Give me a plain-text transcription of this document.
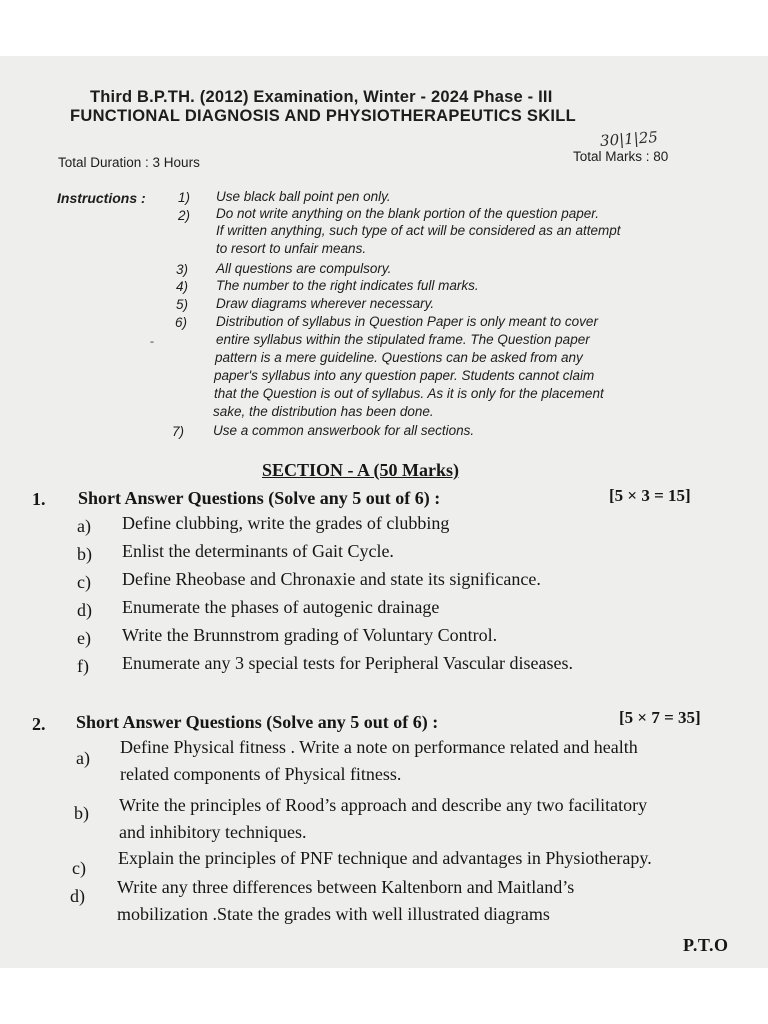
Third B.P.TH. (2012) Examination, Winter - 2024 Phase - III
FUNCTIONAL DIAGNOSIS AND PHYSIOTHERAPEUTICS SKILL
30|1|25
Total Duration : 3 Hours	Total Marks : 80
Instructions : 1) Use black ball point pen only.
2) Do not write anything on the blank portion of the question paper.
If written anything, such type of act will be considered as an attempt
to resort to unfair means.
3) All questions are compulsory.
4) The number to the right indicates full marks.
5) Draw diagrams wherever necessary.
6) Distribution of syllabus in Question Paper is only meant to cover
-	entire syllabus within the stipulated frame. The Question paper
pattern is a mere guideline. Questions can be asked from any
paper's syllabus into any question paper. Students cannot claim
that the Question is out of syllabus. As it is only for the placement
sake, the distribution has been done.
7) Use a common answerbook for all sections.
SECTION - A (50 Marks)
1. Short Answer Questions (Solve any 5 out of 6) :	[5 × 3 = 15]
a) Define clubbing, write the grades of clubbing
b) Enlist the determinants of Gait Cycle.
c) Define Rheobase and Chronaxie and state its significance.
d) Enumerate the phases of autogenic drainage
e) Write the Brunnstrom grading of Voluntary Control.
f) Enumerate any 3 special tests for Peripheral Vascular diseases.
2. Short Answer Questions (Solve any 5 out of 6) :	[5 × 7 = 35]
a)
Define Physical fitness . Write a note on performance related and health
related components of Physical fitness.
b) Write the principles of Rood’s approach and describe any two facilitatory
and inhibitory techniques.
c) Explain the principles of PNF technique and advantages in Physiotherapy.
d) Write any three differences between Kaltenborn and Maitland’s
mobilization .State the grades with well illustrated diagrams
P.T.O
